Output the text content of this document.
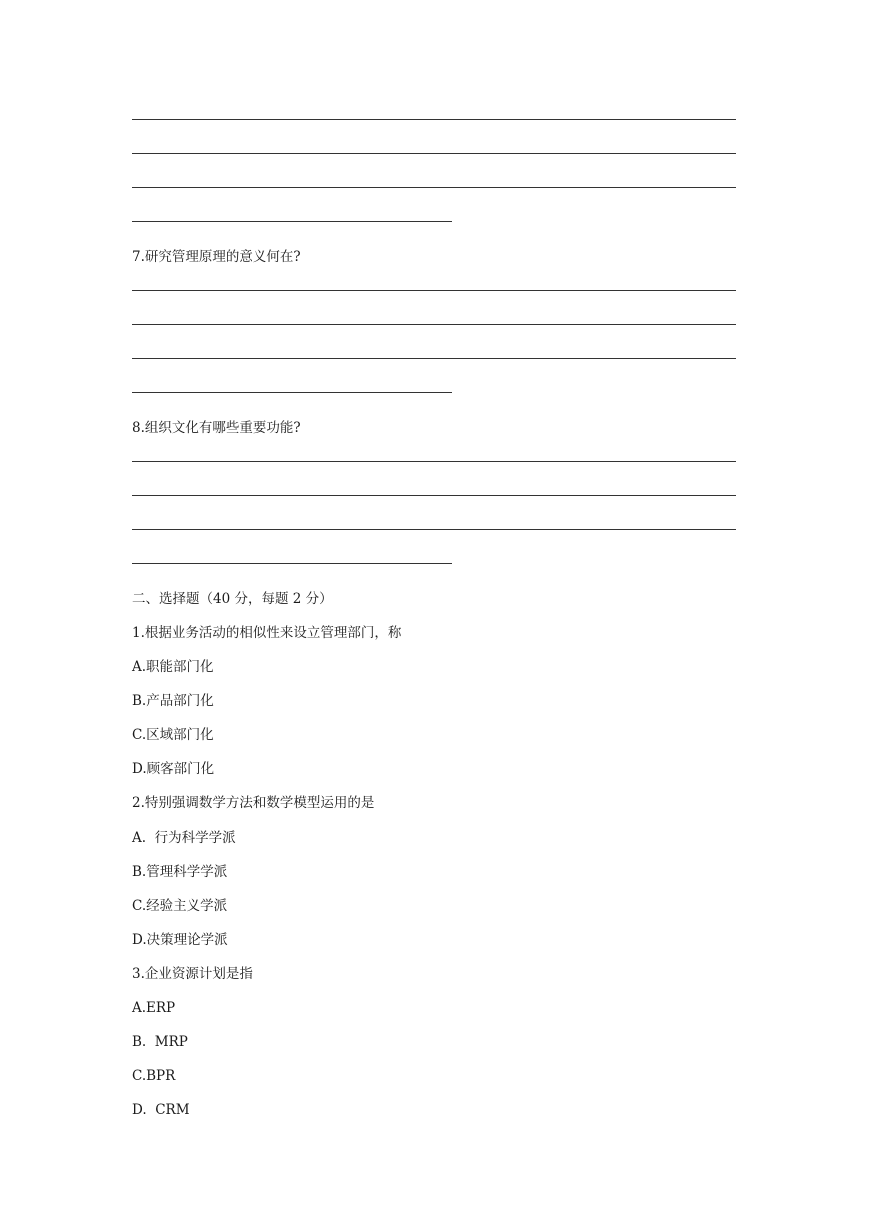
7.研究管理原理的意义何在?
8.组织文化有哪些重要功能?
二、选择题（40 分，每题 2 分）
1.根据业务活动的相似性来设立管理部门，称
A.职能部门化
B.产品部门化
C.区域部门化
D.顾客部门化
2.特别强调数学方法和数学模型运用的是
A.  行为科学学派
B.管理科学学派
C.经验主义学派
D.决策理论学派
3.企业资源计划是指
A.ERP
B.  MRP
C.BPR
D.  CRM
